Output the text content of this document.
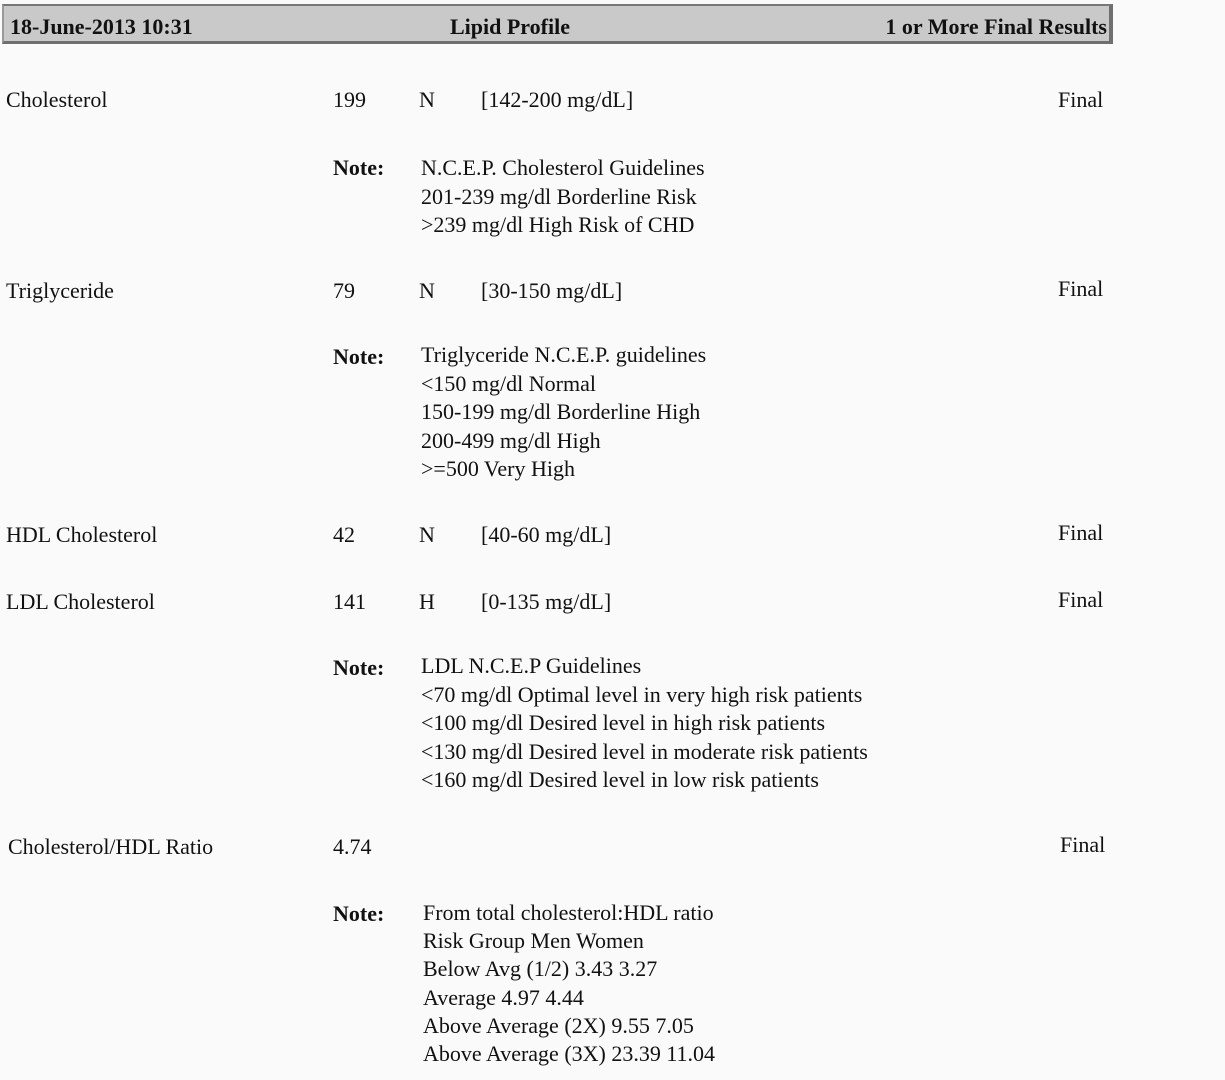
18-June-2013 10:31	Lipid Profile	1 or More Final Results
Cholesterol	199 N [142-200 mg/dL]	Final
Note: N.C.E.P. Cholesterol Guidelines
201-239 mg/dl Borderline Risk
>239 mg/dl High Risk of CHD
Triglyceride	79	N [30-150 mg/dL]	Final
Note: Triglyceride N.C.E.P. guidelines
<150 mg/dl Normal
150-199 mg/dl Borderline High
200-499 mg/dl High
>=500 Very High
HDL Cholesterol	42	N [40-60 mg/dL]	Final
LDL Cholesterol	141 H [0-135 mg/dL]	Final
Note: LDL N.C.E.P Guidelines
<70 mg/dl Optimal level in very high risk patients
<100 mg/dl Desired level in high risk patients
<130 mg/dl Desired level in moderate risk patients
<160 mg/dl Desired level in low risk patients
Cholesterol/HDL Ratio	4.74	Final
Note: From total cholesterol:HDL ratio
Risk Group Men Women
Below Avg (1/2) 3.43 3.27
Average 4.97 4.44
Above Average (2X) 9.55 7.05
Above Average (3X) 23.39 11.04
